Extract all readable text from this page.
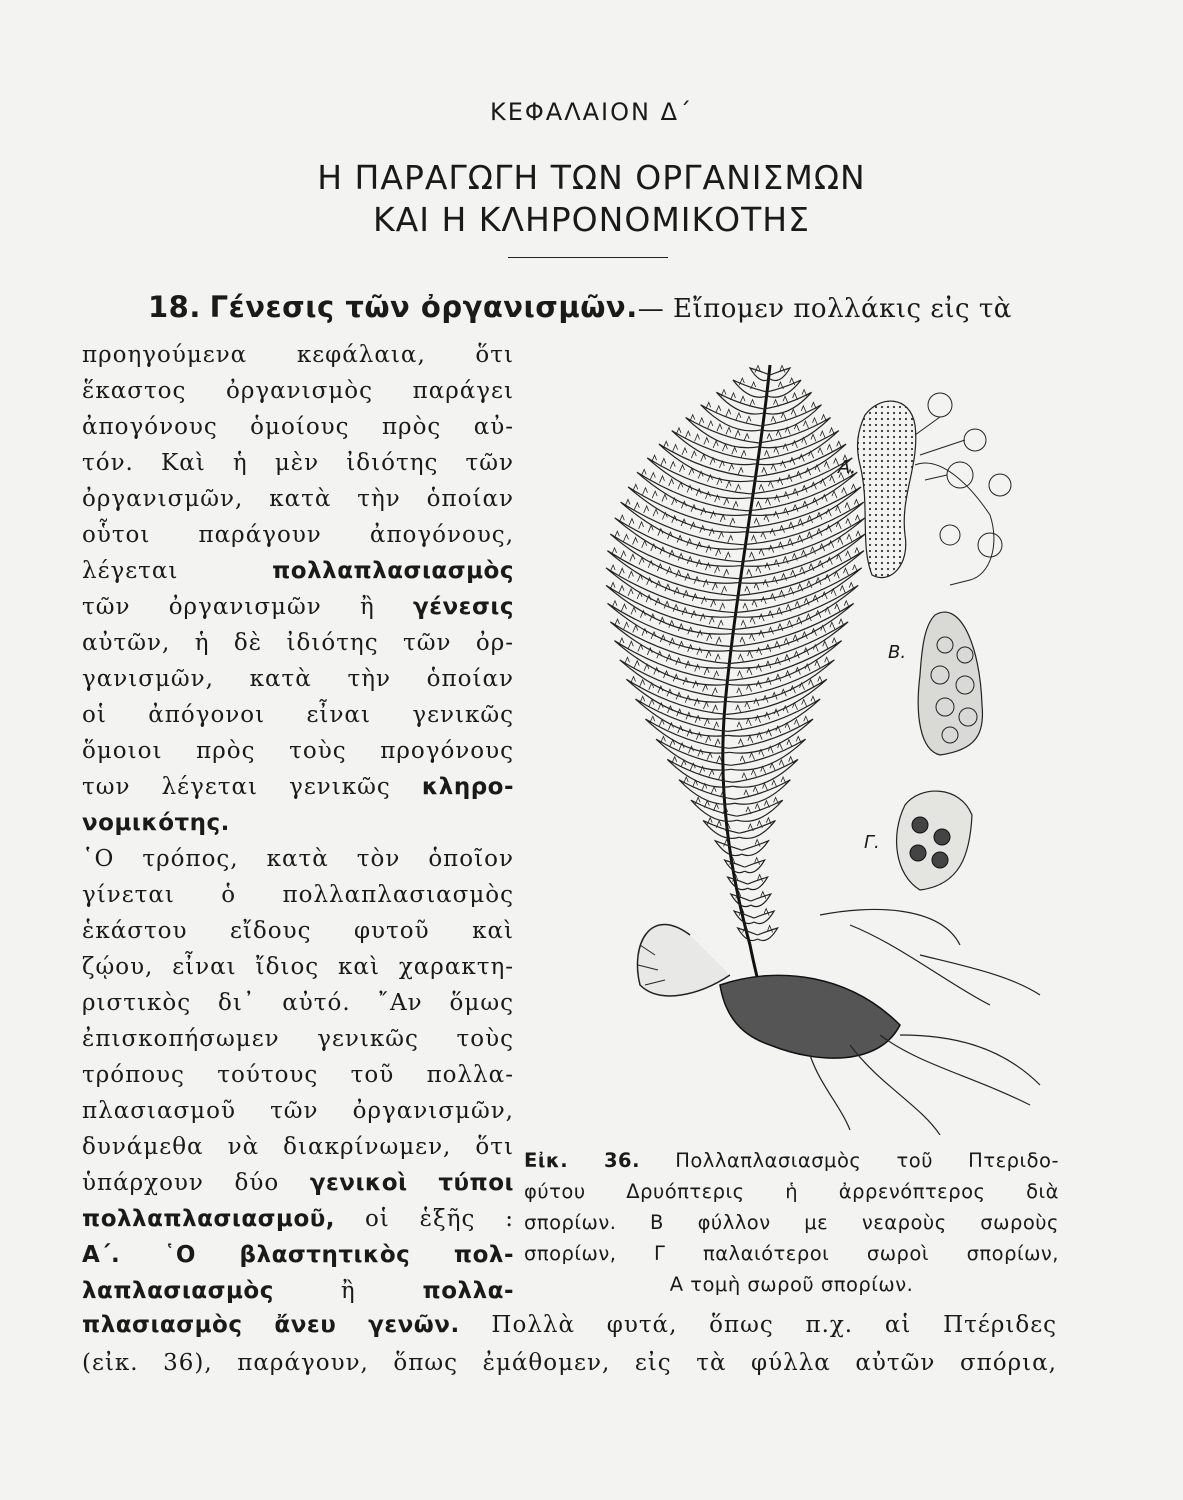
ΚΕΦΑΛΑΙΟΝ Δ΄
Η ΠΑΡΑΓΩΓΗ ΤΩΝ ΟΡΓΑΝΙΣΜΩΝ
ΚΑΙ Η ΚΛΗΡΟΝΟΜΙΚΟΤΗΣ
18. Γένεσις τῶν ὀργανισμῶν.— Εἴπομεν πολλάκις εἰς τὰ
προηγούμενα κεφάλαια, ὅτι
ἕκαστος ὀργανισμὸς παράγει
ἀπογόνους ὁμοίους πρὸς αὐ-
τόν. Καὶ ἡ μὲν ἰδιότης τῶν
ὀργανισμῶν, κατὰ τὴν ὁποίαν
οὗτοι παράγουν ἀπογόνους,
λέγεται	πολλαπλασιασμὸς
τῶν ὀργανισμῶν ἢ γένεσις
αὐτῶν, ἡ δὲ ἰδιότης τῶν ὀρ-
γανισμῶν, κατὰ τὴν ὁποίαν
οἱ ἀπόγονοι εἶναι γενικῶς
ὅμοιοι πρὸς τοὺς προγόνους
των λέγεται γενικῶς κληρο-
νομικότης.
῾Ο τρόπος, κατὰ τὸν ὁποῖον
γίνεται ὁ πολλαπλασιασμὸς
ἑκάστου εἴδους φυτοῦ καὶ
ζῴου, εἶναι ἴδιος καὶ χαρακτη-
ριστικὸς δι᾽ αὐτό. ῎Αν ὅμως
ἐπισκοπήσωμεν γενικῶς τοὺς
τρόπους τούτους τοῦ πολλα-
πλασιασμοῦ τῶν ὀργανισμῶν,
δυνάμεθα νὰ διακρίνωμεν, ὅτι
ὑπάρχουν δύο γενικοὶ τύποι
πολλαπλασιασμοῦ, οἱ ἑξῆς :
Α΄. ῾Ο βλαστητικὸς πολ-
λαπλασιασμὸς	ἢ	πολλα-
πλασιασμὸς ἄνευ γενῶν. Πολλὰ φυτά, ὅπως π.χ. αἱ Πτέριδες
(εἰκ. 36), παράγουν, ὅπως ἐμάθομεν, εἰς τὰ φύλλα αὐτῶν σπόρια,
Α.
Β.
Γ.
Εἰκ. 36. Πολλαπλασιασμὸς τοῦ Πτεριδο-
φύτου Δρυόπτερις ἡ ἀρρενόπτερος διὰ
σπορίων. Β φύλλον με νεαροὺς σωροὺς
σπορίων, Γ παλαιότεροι σωροὶ σπορίων,
Α τομὴ σωροῦ σπορίων.
